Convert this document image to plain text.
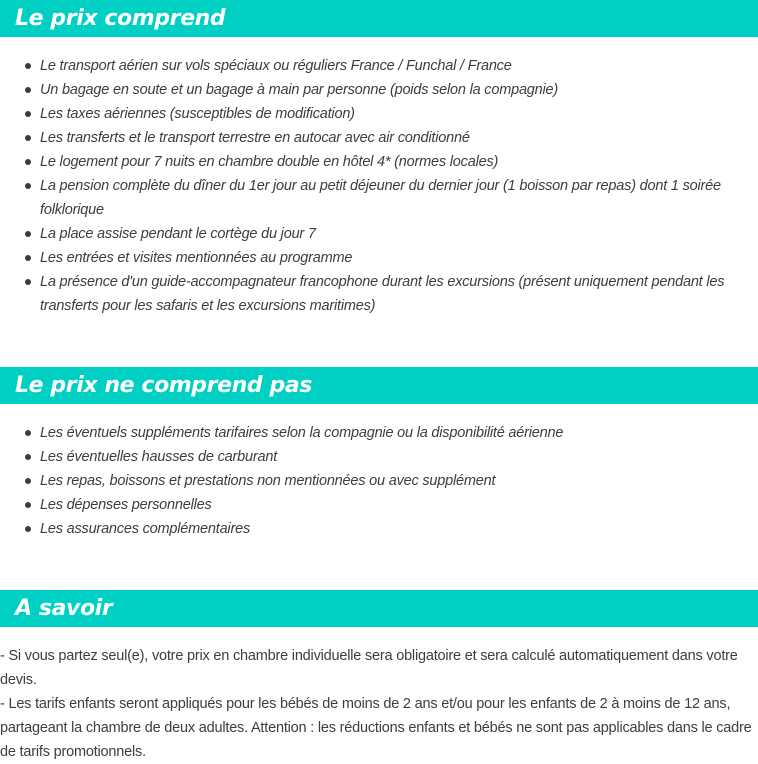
Le prix comprend
Le transport aérien sur vols spéciaux ou réguliers France / Funchal / France
Un bagage en soute et un bagage à main par personne (poids selon la compagnie)
Les taxes aériennes (susceptibles de modification)
Les transferts et le transport terrestre en autocar avec air conditionné
Le logement pour 7 nuits en chambre double en hôtel 4* (normes locales)
La pension complète du dîner du 1er jour au petit déjeuner du dernier jour (1 boisson par repas) dont 1 soirée folklorique
La place assise pendant le cortège du jour 7
Les entrées et visites mentionnées au programme
La présence d'un guide-accompagnateur francophone durant les excursions (présent uniquement pendant les transferts pour les safaris et les excursions maritimes)
Le prix ne comprend pas
Les éventuels suppléments tarifaires selon la compagnie ou la disponibilité aérienne
Les éventuelles hausses de carburant
Les repas, boissons et prestations non mentionnées ou avec supplément
Les dépenses personnelles
Les assurances complémentaires
A savoir

- Si vous partez seul(e), votre prix en chambre individuelle sera obligatoire et sera calculé automatiquement dans votre devis.

- Les tarifs enfants seront appliqués pour les bébés de moins de 2 ans et/ou pour les enfants de 2 à moins de 12 ans, partageant la chambre de deux adultes. Attention : les réductions enfants et bébés ne sont pas applicables dans le cadre de tarifs promotionnels.
